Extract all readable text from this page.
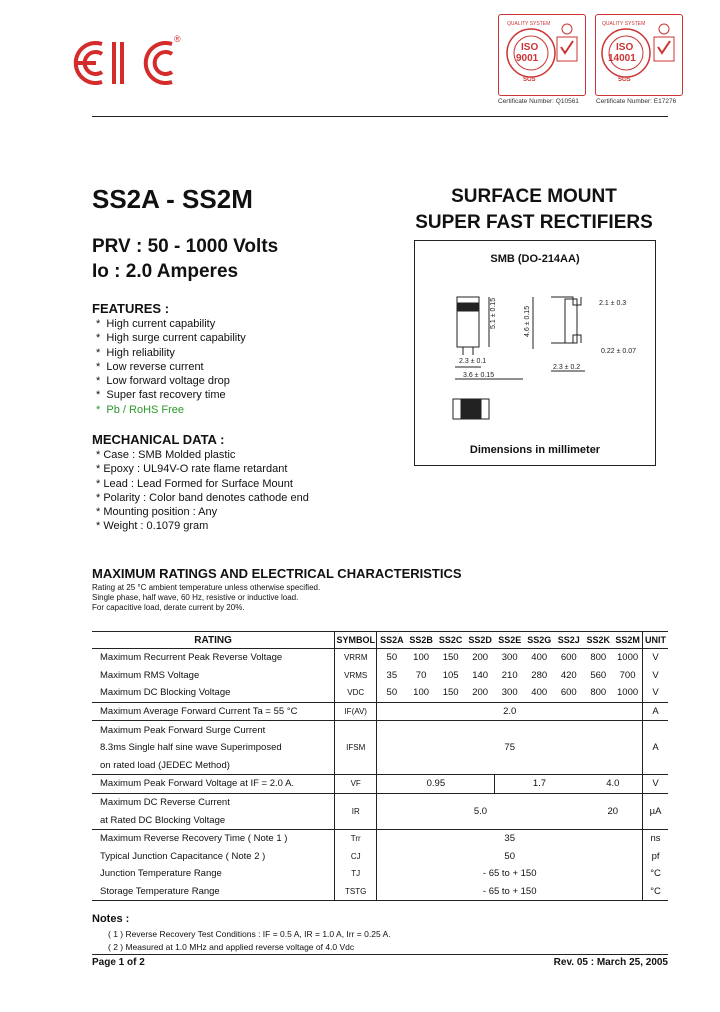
®
QUALITY SYSTEM
ISO
9001
SGS
Certificate Number: Q10561
QUALITY SYSTEM
ISO
14001
SGS
Certificate Number: E17276
SS2A - SS2M
PRV : 50 - 1000 Volts
Io : 2.0 Amperes
SURFACE MOUNT
SUPER FAST RECTIFIERS
FEATURES :
*  High current capability
*  High surge current capability
*  High reliability
*  Low reverse current
*  Low forward voltage drop
*  Super fast recovery time
*  Pb / RoHS Free
MECHANICAL DATA :
* Case : SMB Molded plastic
* Epoxy : UL94V-O rate flame retardant
* Lead : Lead Formed for Surface Mount
* Polarity : Color band denotes cathode end
* Mounting position : Any
* Weight : 0.1079 gram
SMB (DO-214AA)
2.1 ± 0.3
5.1 ± 0.15	4.6 ± 0.15
0.22 ± 0.07
2.3 ± 0.1
3.6 ± 0.15
2.3 ± 0.2
Dimensions in millimeter
MAXIMUM RATINGS AND ELECTRICAL CHARACTERISTICS
Rating at 25 °C ambient temperature unless otherwise specified.
Single phase, half wave, 60 Hz, resistive or inductive load.
For capacitive load, derate current by 20%.
RATING	SYMBOL	SS2A	SS2B	SS2C	SS2D	SS2E	SS2G	SS2J	SS2K	SS2M	UNIT
Maximum Recurrent Peak Reverse Voltage	VRRM	50	100	150	200	300	400	600	800	1000	V
Maximum RMS Voltage	VRMS	35	70	105	140	210	280	420	560	700	V
Maximum DC Blocking Voltage	VDC	50	100	150	200	300	400	600	800	1000	V
Maximum Average Forward Current Ta = 55 °C	IF(AV)	2.0									A
Maximum Peak Forward Surge Current	IFSM	75									A
8.3ms Single half sine wave Superimposed											
on rated load (JEDEC Method)											
Maximum Peak Forward Voltage at IF = 2.0 A.	VF	0.95				1.7			4.0		V
Maximum DC Reverse Current	IR	5.0							20		µA
at Rated DC Blocking Voltage											
Maximum Reverse Recovery Time ( Note 1 )	Trr	35									ns
Typical Junction Capacitance ( Note 2 )	CJ	50									pf
Junction Temperature Range	TJ	- 65 to + 150									°C
Storage Temperature Range	TSTG	- 65 to + 150									°C
Notes :
( 1 ) Reverse Recovery Test Conditions : IF = 0.5 A, IR = 1.0 A, Irr = 0.25 A.
( 2 ) Measured at 1.0 MHz and applied reverse voltage of 4.0 Vdc
Page 1 of 2	Rev. 05 : March 25, 2005
